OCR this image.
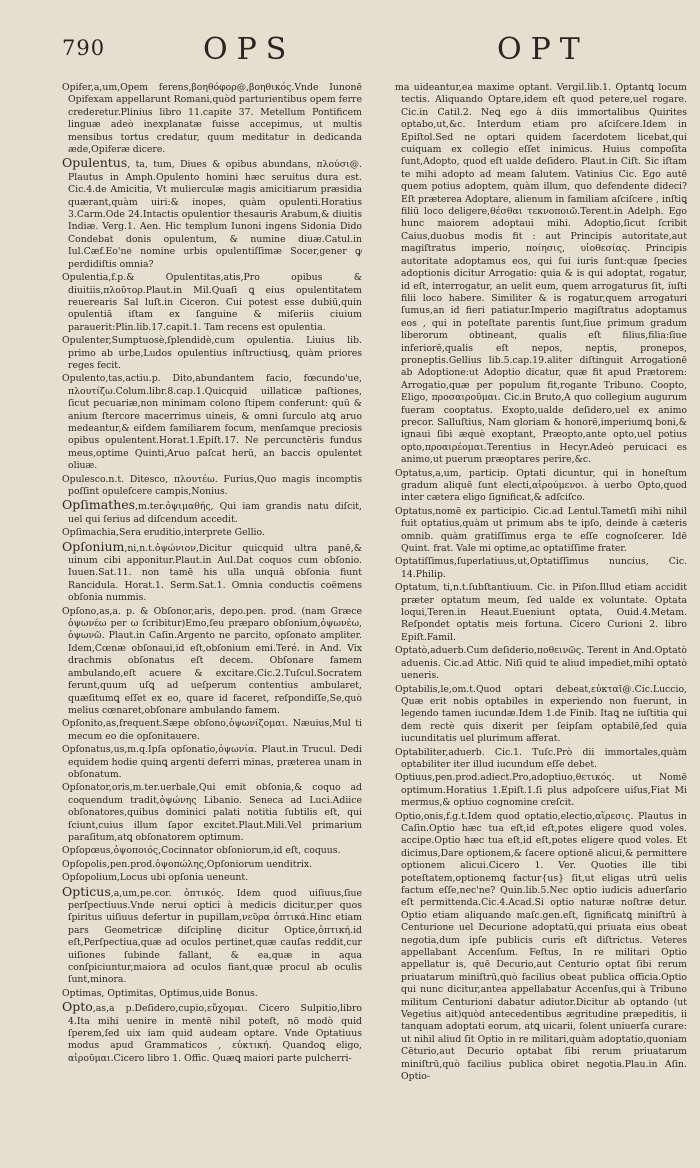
790	OPS	OPT

Opifer,a,um,Opem ferens,βοηθόφορ@,βοηθικός.Vnde Iunonē Opifexam appellarunt Romani,quòd parturientibus opem ferre crederetur.Plinius libro 11.capite 37. Metellum Pontificem linguæ adeò inexplanatæ fuisse accepimus, ut multis mensibus tortus credatur, quum meditatur in dedicanda æde,Opiferæ dicere.

Opulentus, ta, tum, Diues & opibus abundans, πλούσι@. Plautus in Amph.Opulento homini hæc seruitus dura est. Cic.4.de Amicitia, Vt mulierculæ magis amicitiarum præsidia quærant,quàm uiri:& inopes, quàm opulenti.Horatius 3.Carm.Ode 24.Intactis opulentior thesauris Arabum,& diuitis Indiæ. Verg.1. Aen. Hic templum Iunoni ingens Sidonia Dido Condebat donis opulentum, & numine diuæ.Catul.in Iul.Cæf.Eo'ne nomine urbis opulentiſſimæ Socer,gener ꝙ perdidiſtis omnia?

Opulentia,f.p.& Opulentitas,atis,Pro opibus & diuitiis,πλοῦτορ.Plaut.in Mil.Quaſi ꝗ eius opulentitatem reuerearis Sal luſt.in Ciceron. Cui potest esse dubiū,quin opulentiā iſtam ex ſanguine & miſeriis ciuium parauerit:Plin.lib.17.capit.1. Tam recens est opulentia.

Opulenter,Sumptuosè,ſplendidè,cum opulentia. Liuius lib. primo ab urbe,Ludos opulentius inſtructiusꝗ, quàm priores reges fecit.

Opulento,tas,actiu.p. Dito,abundantem facio, fœcundo'ue, πλουτίζω.Colum.libr.8.cap.1.Quicquid uillaticæ paſtiones, ſicut pecuariæ,non minimam colono ſtipem conferunt: quū & anium ſtercore macerrimus uineis, & omni ſurculo atꝗ aruo medeantur,& eiſdem familiarem focum, menſamque preciosis opibus opulentent.Horat.1.Epiſt.17. Ne percunctēris fundus meus,optime Quinti,Aruo paſcat herū, an baccis opulentet oliuæ.

Opulesco.n.t. Ditesco, πλουτέω. Furius,Quo magis incomptis poſſint opuleſcere campis,Nonius.

Opſimathes,m.ter.ὀψιμαθής, Qui iam grandis natu diſcit, uel qui ſerius ad diſcendum accedit.

Opſimachia,Sera eruditio,interprete Gellio.

Opſonium,ni,n.t.ὀψώνιον,Dicitur quicquid ultra panē,& uinum cibi apponitur.Plaut.in Aul.Dat coquos cum obſonio. Iuuen.Sat.11. non tamē his ulla unquā obſonia fiunt Rancidula. Horat.1. Serm.Sat.1. Omnia conductis coëmens obſonia nummis.

Opſono,as,a. p. & Obſonor,aris, depo.pen. prod. (nam Græce ὀψωνέω per ω ſcribitur)Emo,ſeu præparo obſonium,ὀψωνέω, ὀψωνῶ. Plaut.in Caſin.Argento ne parcito, opſonato ampliter. Idem,Cœnæ obſonaui,id eſt,obſonium emi.Teré. in And. Vix drachmis obſonatus eſt decem. Obſonare famem ambulando,eſt acuere & excitare.Cic.2.Tuſcul.Socratem ferunt,quum uſꝗ ad ueſperum contentius ambularet, quæſitumꝗ eſſet ex eo, quare id faceret, reſpondiſſe,Se,quò melius cœnaret,obſonare ambulando famem.

Opſonito,as,frequent.Sæpe obſono,ὀψωνίζομαι. Næuius,Mul ti mecum eo die opſonitauere.

Opſonatus,us,m.q.Ipſa opſonatio,ὀψωνία. Plaut.in Trucul. Dedi equidem hodie quinꝗ argenti deferri minas, præterea unam in obſonatum.

Opſonator,oris,m.ter.uerbale,Qui emit obſonia,& coquo ad coquendum tradit,ὀψώνης Libanio. Seneca ad Luci.Adiice obſonatores,quibus dominici palati notitia ſubtilis eſt, qui ſciunt,cuius illum ſapor excitet.Plaut.Mili.Vel primarium paraſitum,atꝗ obſonatorem optimum.

Opſopœus,ὀψοποιός,Cocinnator obſoniorum,id eſt, coquus.

Opſopolis,pen.prod.ὀψοπώλης,Opſoniorum uenditrix.

Opſopolium,Locus ubi opſonia ueneunt.

Opticus,a,um,pe.cor. ὀπτικός. Idem quod uiſiuus,ſiue perſpectiuus.Vnde nerui optici à medicis dicitur,per quos ſpiritus uiſiuus defertur in pupillam,νεῦρα ὀπτικά.Hinc etiam pars Geometricæ diſciplinę dicitur Optice,ὀπτική.id eſt,Perſpectiua,quæ ad oculos pertinet,quæ cauſas reddit,cur uiſiones ſubinde fallant, & ea,quæ in aqua conſpiciuntur,maiora ad oculos fiant,quæ procul ab oculis ſunt,minora.

Optimas, Optimitas, Optimus,uide Bonus.

Opto,as,a p.Deſidero,cupio,εὔχομαι. Cicero Sulpitio,libro 4.Ita mihi uenire in mentē nihil poteſt, nō modò quid ſperem,ſed uix iam quid audeam optare. Vnde Optatiuus modus apud Grammaticos , εὐκτική. Quandoꝗ eligo, αἱροῦμαι.Cicero libro 1. Offic. Quæꝗ maiori parte pulcherri-

ma uideantur,ea maxime optant. Vergil.lib.1. Optantꝗ locum tectis. Aliquando Optare,idem eſt quod petere,uel rogare. Cic.in Catil.2. Neꝗ ego à diis immortalibus Quirites optabo,ut,&c. Interdum etiam pro aſciſcere.Idem in Epiſtol.Sed ne optari quidem ſacerdotem licebat,qui cuiquam ex collegio eſſet inimicus. Huius compoſita ſunt,Adopto, quod eſt ualde deſidero. Plaut.in Ciſt. Sic iſtam te mihi adopto ad meam ſalutem. Vatinius Cic. Ego autē quem potius adoptem, quàm illum, quo defendente dideci? Eſt præterea Adoptare, alienum in familiam aſciſcere , inſtiꝗ filiū loco deligere,θέσθαι τεκνοποιῶ.Terent.in Adelph. Ego hunc maiorem adoptaui mihi. Adoptio,ſicut ſcribit Caius,duobus modis fit : aut Principis autoritate,aut magiſtratus imperio, ποίησις, υἱοθεσίας. Principis autoritate adoptamus eos, qui ſui iuris ſunt:quæ ſpecies adoptionis dicitur Arrogatio: quia & is qui adoptat, rogatur, id eſt, interrogatur, an uelit eum, quem arrogaturus ſit, iuſti filii loco habere. Similiter & is rogatur,quem arrogaturi ſumus,an id fieri patiatur.Imperio magiſtratus adoptamus eos , qui in poteſtate parentis ſunt,ſiue primum gradum liberorum obtineant, qualis eſt filius,filia:ſiue inferiorē,qualis eſt nepos, neptis, pronepos, proneptis.Gellius lib.5.cap.19.aliter diſtinguit Arrogationē ab Adoptione:ut Adoptio dicatur, quæ fit apud Prætorem: Arrogatio,quæ per populum fit,rogante Tribuno. Coopto, Eligo, προσαιροῦμαι. Cic.in Bruto,A quo collegium augurum fueram cooptatus. Exopto,ualde deſidero,uel ex animo precor. Salluſtius, Nam gloriam & honorē,imperiumꝗ boni,& ignaui ſibi æquè exoptant, Præopto,ante opto,uel potius opto,προαιρέομαι.Terentius in Hecyr.Adeò peruicaci es animo,ut puerum præoptares perire,&c.

Optatus,a,um, particip. Optati dicuntur, qui in honeſtum gradum aliquē ſunt electi,αἱρούμενοι. à uerbo Opto,quod inter cætera eligo ſignificat,& adſciſco.

Optatus,nomē ex participio. Cic.ad Lentul.Tametſi mihi nihil fuit optatius,quàm ut primum abs te ipſo, deinde à cæteris omnib. quàm gratiſſimus erga te eſſe cognoſcerer. Idē Quint. frat. Vale mi optime,ac optatiſſime frater.

Optatiſſimus,ſuperlatiuus,ut,Optatiſſimus nuncius, Cic. 14.Philip.

Optatum, ti,n.t.ſubſtantiuum. Cic. in Piſon.Illud etiam accidit præter optatum meum, ſed ualde ex voluntate. Optata loqui,Teren.in Heaut.Eueniunt optata, Ouid.4.Metam. Reſpondet optatis meis fortuna. Cicero Curioni 2. libro Epiſt.Famil.

Optatò,aduerb.Cum deſiderio,ποθεινῶς. Terent in And.Optatò aduenis. Cic.ad Attic. Niſi quid te aliud impediet,mihi optatò ueneris.

Optabilis,le,om.t.Quod optari debeat,εὐκταῖ@.Cic.Luccio, Quæ erit nobis optabiles in experiendo non fuerunt, in legendo tamen iucundæ.Idem 1.de Finib. Itaꝗ ne iuſtitia qui dem rectè quis dixerit per ſeipſam optabilē,ſed quia iucunditatis uel plurimum afferat.

Optabiliter,aduerb. Cic.1. Tuſc.Prò dii immortales,quàm optabiliter iter illud iucundum eſſe debet.

Optiuus,pen.prod.adiect.Pro,adoptiuo,θετικός. ut Nomē optimum.Horatius 1.Epiſt.1.ſi plus adpoſcere uiſus,Fiat Mi mermus,& optiuo cognomine creſcit.

Optio,onis,f.g.t.Idem quod optatio,electio,αἵρεσις. Plautus in Caſin.Optio hæc tua eſt,id eſt,potes eligere quod voles. accipe.Optio hæc tua eſt,id eſt,potes eligere quod voles. Et dicimus,Dare optionem,& ſacere optionē alicui,& permittere optionem alicui.Cicero 1. Ver. Quoties ille tibi poteſtatem,optionemꝗ factur{us} ſit,ut eligas utrū uelis factum eſſe,nec'ne? Quin.lib.5.Nec optio iudicis aduerſario eſt permittenda.Cic.4.Acad.Si optio naturæ noſtræ detur. Optio etiam aliquando maſc.gen.eſt, ſignificatꝗ miniſtrū à Centurione uel Decurione adoptatū,qui priuata eius obeat negotia,dum ipſe publicis curis eſt diſtrictus. Veteres appellabant Accenſum. Feſtus, In re militari Optio appellatur is, quē Decurio,aut Centurio optat ſibi rerum priuatarum miniſtrū,quò facilius obeat publica officia.Optio qui nunc dicitur,antea appellabatur Accenſus,qui à Tribuno militum Centurioni dabatur adiutor.Dicitur ab optando (ut Vegetius ait)quòd antecedentibus ægritudine præpeditis, ii tanquam adoptati eorum, atꝗ uicarii, ſolent uniuerſa curare: ut nihil aliud ſit Optio in re militari,quàm adoptatio,quoniam Cēturio,aut Decurio optabat ſibi rerum priuatarum miniſtrū,quò facilius publica obiret negotia.Plau.in Aſin. Optio-
